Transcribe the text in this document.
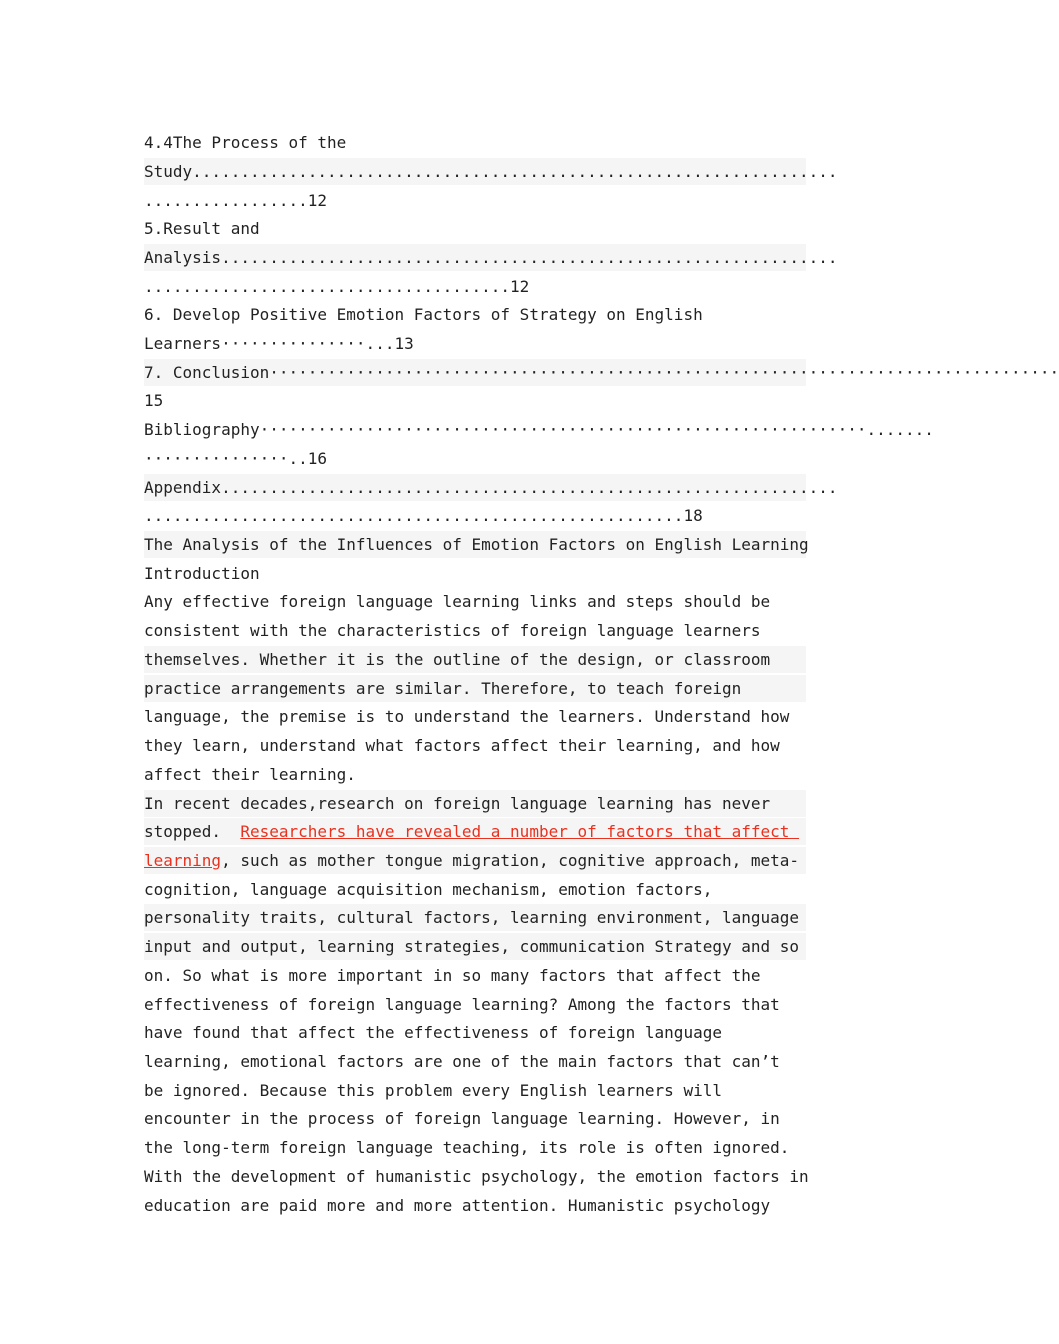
4.4The Process of the
Study...................................................................
.................12
5.Result and
Analysis................................................................
......................................12
6. Develop Positive Emotion Factors of Strategy on English
Learners···············...13
7. Conclusion··················································································
15
Bibliography·······························································.......
···············..16
Appendix................................................................
........................................................18
The Analysis of the Influences of Emotion Factors on English Learning
Introduction
Any effective foreign language learning links and steps should be
consistent with the characteristics of foreign language learners
themselves. Whether it is the outline of the design, or classroom
practice arrangements are similar. Therefore, to teach foreign
language, the premise is to understand the learners. Understand how
they learn, understand what factors affect their learning, and how
affect their learning.
In recent decades,research on foreign language learning has never
stopped.  Researchers have revealed a number of factors that affect
learning, such as mother tongue migration, cognitive approach, meta-
cognition, language acquisition mechanism, emotion factors,
personality traits, cultural factors, learning environment, language
input and output, learning strategies, communication Strategy and so
on. So what is more important in so many factors that affect the
effectiveness of foreign language learning? Among the factors that
have found that affect the effectiveness of foreign language
learning, emotional factors are one of the main factors that can’t
be ignored. Because this problem every English learners will
encounter in the process of foreign language learning. However, in
the long-term foreign language teaching, its role is often ignored.
With the development of humanistic psychology, the emotion factors in
education are paid more and more attention. Humanistic psychology
